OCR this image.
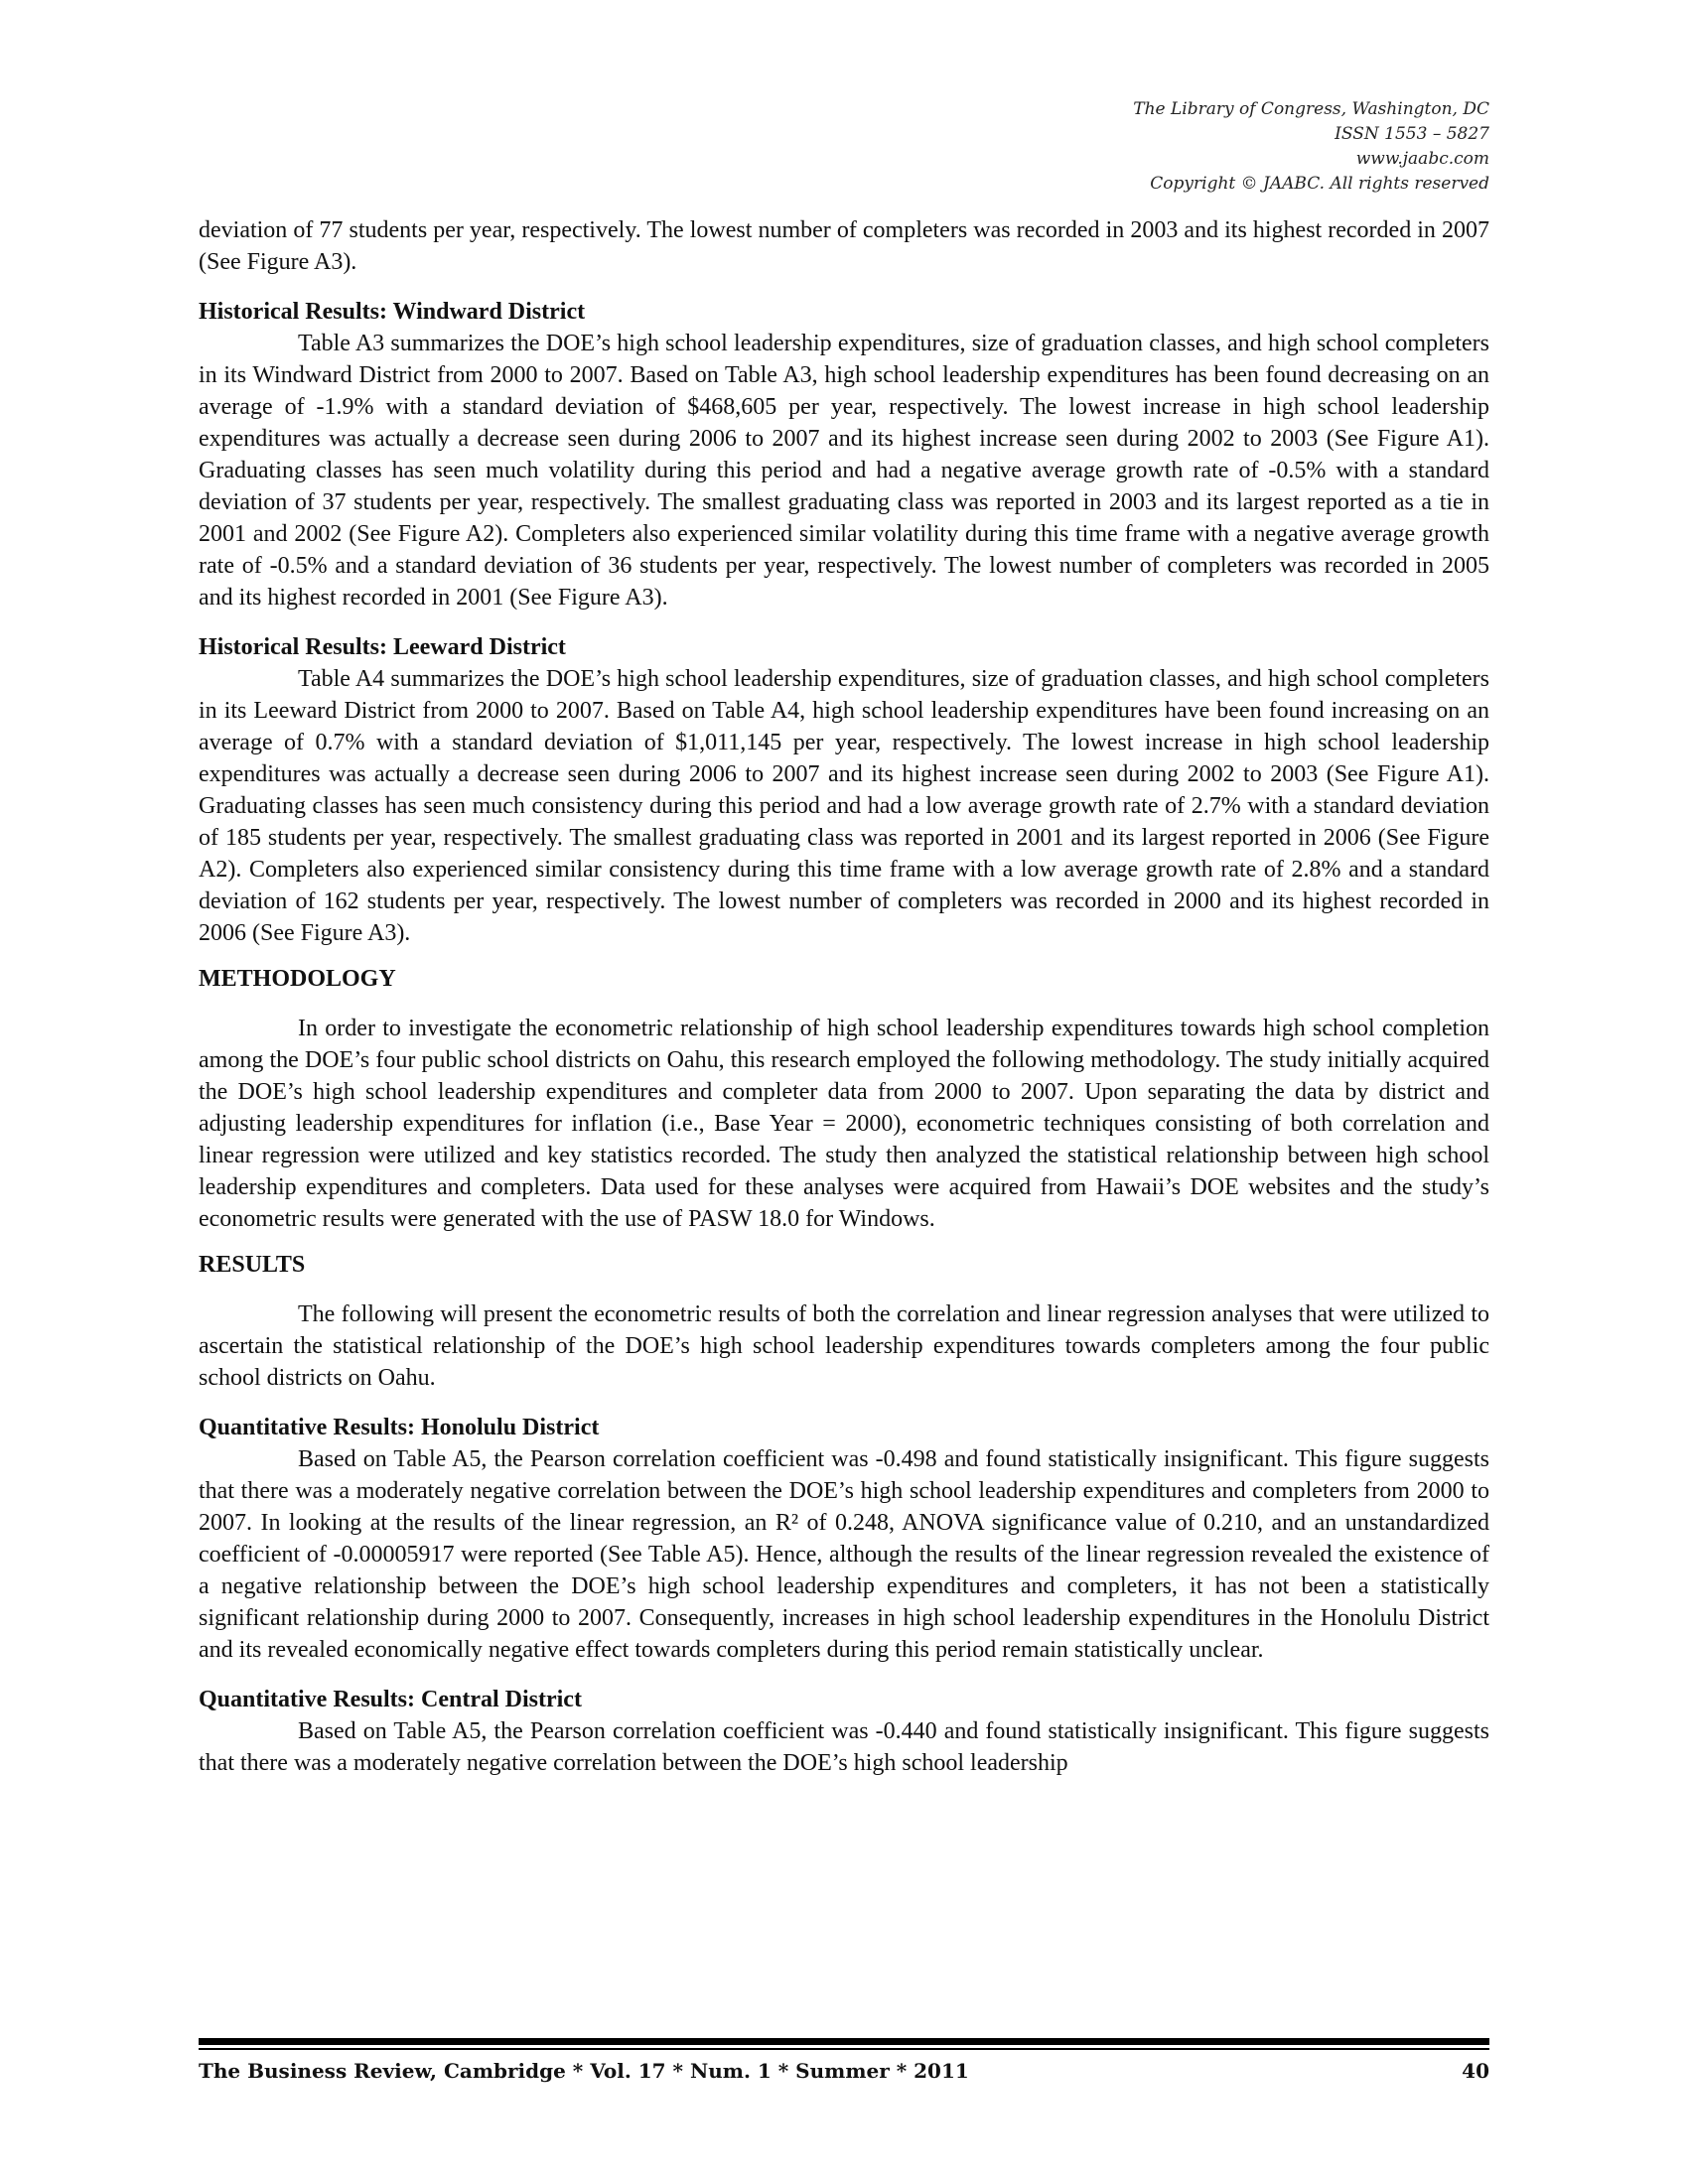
The Library of Congress, Washington, DC
ISSN 1553 – 5827
www.jaabc.com
Copyright © JAABC. All rights reserved

deviation of 77 students per year, respectively. The lowest number of completers was recorded in 2003 and its highest recorded in 2007 (See Figure A3).

Historical Results: Windward District

Table A3 summarizes the DOE’s high school leadership expenditures, size of graduation classes, and high school completers in its Windward District from 2000 to 2007. Based on Table A3, high school leadership expenditures has been found decreasing on an average of -1.9% with a standard deviation of $468,605 per year, respectively. The lowest increase in high school leadership expenditures was actually a decrease seen during 2006 to 2007 and its highest increase seen during 2002 to 2003 (See Figure A1). Graduating classes has seen much volatility during this period and had a negative average growth rate of -0.5% with a standard deviation of 37 students per year, respectively. The smallest graduating class was reported in 2003 and its largest reported as a tie in 2001 and 2002 (See Figure A2). Completers also experienced similar volatility during this time frame with a negative average growth rate of -0.5% and a standard deviation of 36 students per year, respectively. The lowest number of completers was recorded in 2005 and its highest recorded in 2001 (See Figure A3).

Historical Results: Leeward District

Table A4 summarizes the DOE’s high school leadership expenditures, size of graduation classes, and high school completers in its Leeward District from 2000 to 2007. Based on Table A4, high school leadership expenditures have been found increasing on an average of 0.7% with a standard deviation of $1,011,145 per year, respectively. The lowest increase in high school leadership expenditures was actually a decrease seen during 2006 to 2007 and its highest increase seen during 2002 to 2003 (See Figure A1). Graduating classes has seen much consistency during this period and had a low average growth rate of 2.7% with a standard deviation of 185 students per year, respectively. The smallest graduating class was reported in 2001 and its largest reported in 2006 (See Figure A2). Completers also experienced similar consistency during this time frame with a low average growth rate of 2.8% and a standard deviation of 162 students per year, respectively. The lowest number of completers was recorded in 2000 and its highest recorded in 2006 (See Figure A3).

METHODOLOGY

In order to investigate the econometric relationship of high school leadership expenditures towards high school completion among the DOE’s four public school districts on Oahu, this research employed the following methodology. The study initially acquired the DOE’s high school leadership expenditures and completer data from 2000 to 2007. Upon separating the data by district and adjusting leadership expenditures for inflation (i.e., Base Year = 2000), econometric techniques consisting of both correlation and linear regression were utilized and key statistics recorded. The study then analyzed the statistical relationship between high school leadership expenditures and completers. Data used for these analyses were acquired from Hawaii’s DOE websites and the study’s econometric results were generated with the use of PASW 18.0 for Windows.

RESULTS

The following will present the econometric results of both the correlation and linear regression analyses that were utilized to ascertain the statistical relationship of the DOE’s high school leadership expenditures towards completers among the four public school districts on Oahu.

Quantitative Results: Honolulu District

Based on Table A5, the Pearson correlation coefficient was -0.498 and found statistically insignificant. This figure suggests that there was a moderately negative correlation between the DOE’s high school leadership expenditures and completers from 2000 to 2007. In looking at the results of the linear regression, an R² of 0.248, ANOVA significance value of 0.210, and an unstandardized coefficient of -0.00005917 were reported (See Table A5). Hence, although the results of the linear regression revealed the existence of a negative relationship between the DOE’s high school leadership expenditures and completers, it has not been a statistically significant relationship during 2000 to 2007. Consequently, increases in high school leadership expenditures in the Honolulu District and its revealed economically negative effect towards completers during this period remain statistically unclear.

Quantitative Results: Central District

Based on Table A5, the Pearson correlation coefficient was -0.440 and found statistically insignificant. This figure suggests that there was a moderately negative correlation between the DOE’s high school leadership

The Business Review, Cambridge * Vol. 17 * Num. 1 * Summer * 2011	40
